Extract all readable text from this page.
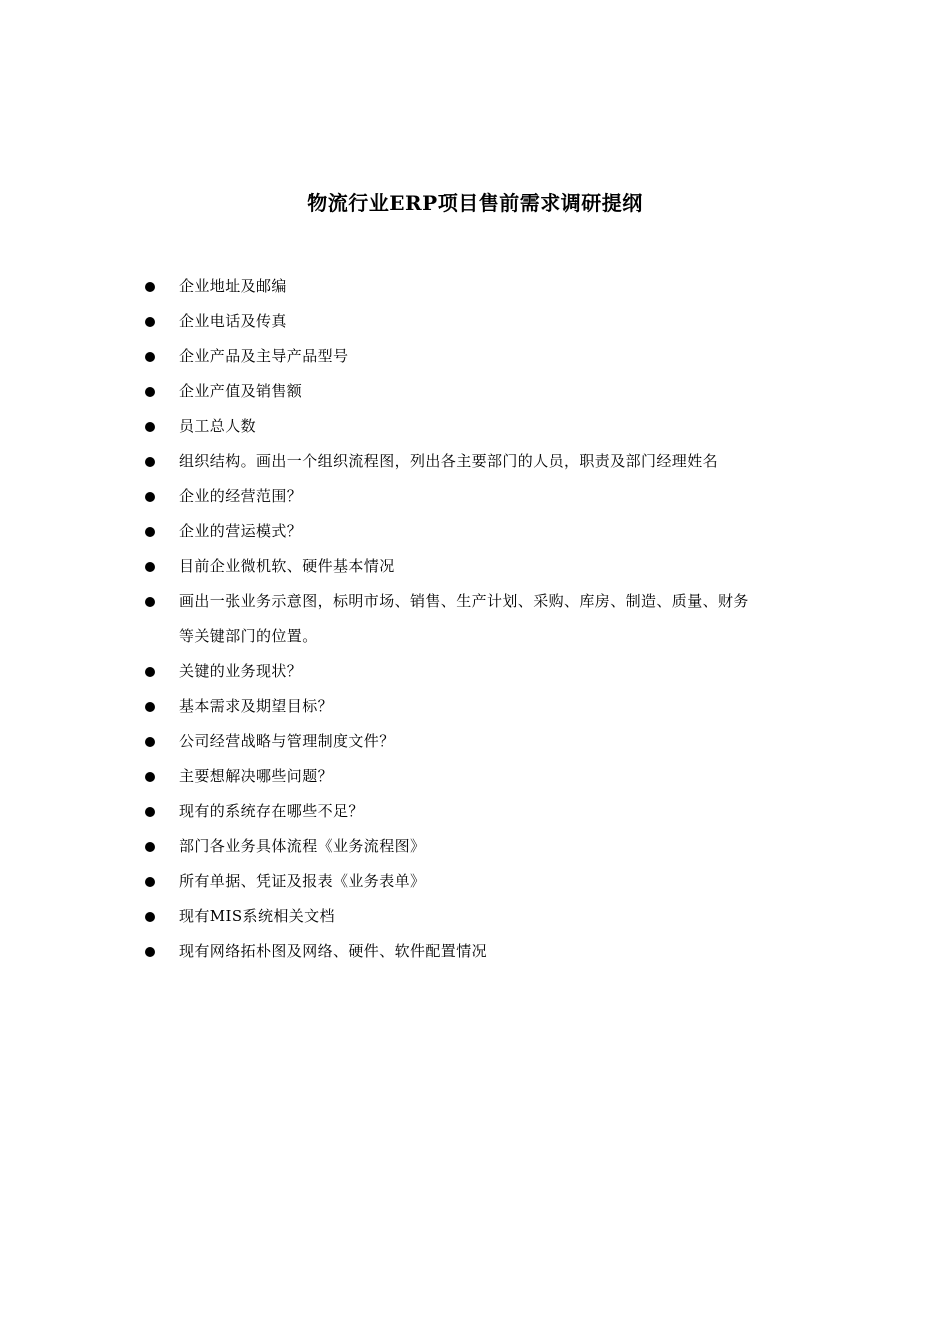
物流行业ERP项目售前需求调研提纲
企业地址及邮编
企业电话及传真
企业产品及主导产品型号
企业产值及销售额
员工总人数
组织结构。画出一个组织流程图，列出各主要部门的人员，职责及部门经理姓名
企业的经营范围？
企业的营运模式？
目前企业微机软、硬件基本情况
画出一张业务示意图，标明市场、销售、生产计划、采购、库房、制造、质量、财务
等关键部门的位置。
关键的业务现状？
基本需求及期望目标？
公司经营战略与管理制度文件？
主要想解决哪些问题？
现有的系统存在哪些不足？
部门各业务具体流程《业务流程图》
所有单据、凭证及报表《业务表单》
现有MIS系统相关文档
现有网络拓朴图及网络、硬件、软件配置情况
